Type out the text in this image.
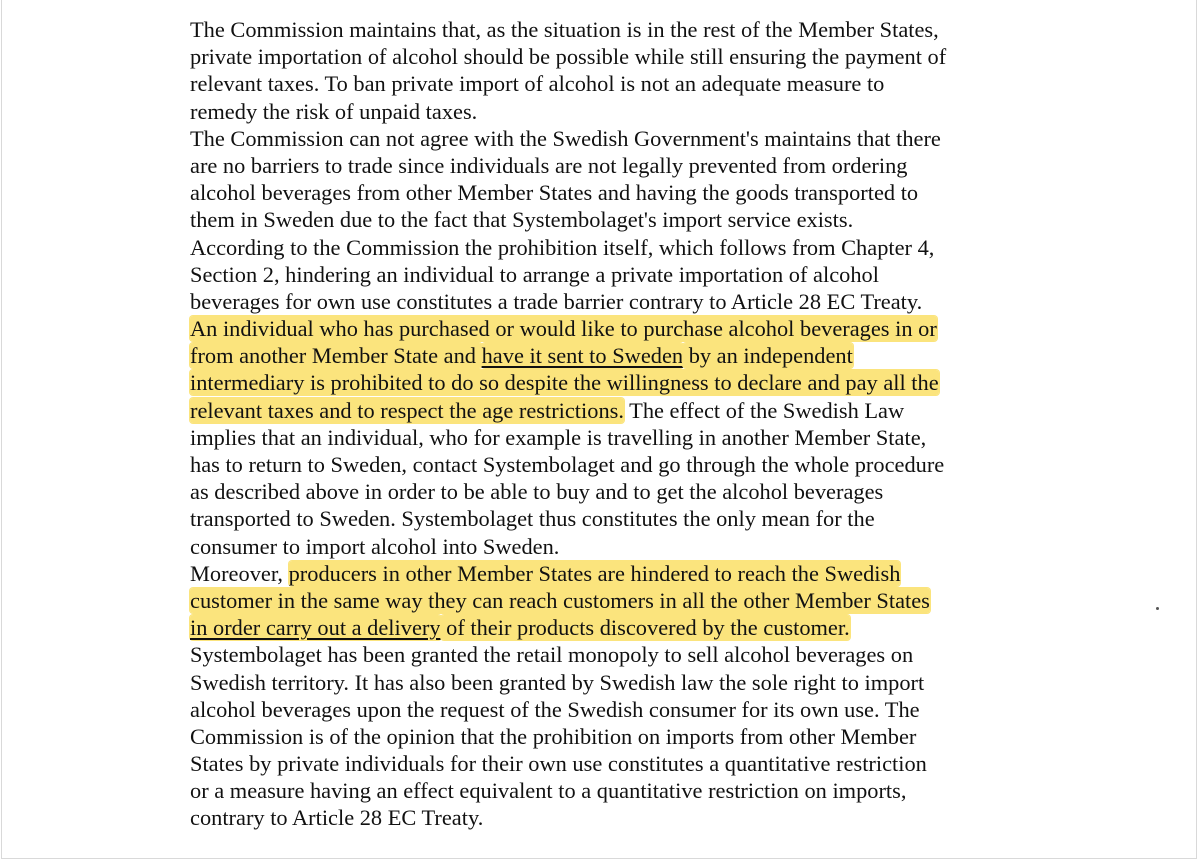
The Commission maintains that, as the situation is in the rest of the Member States,
private importation of alcohol should be possible while still ensuring the payment of
relevant taxes. To ban private import of alcohol is not an adequate measure to
remedy the risk of unpaid taxes.
The Commission can not agree with the Swedish Government's maintains that there
are no barriers to trade since individuals are not legally prevented from ordering
alcohol beverages from other Member States and having the goods transported to
them in Sweden due to the fact that Systembolaget's import service exists.
According to the Commission the prohibition itself, which follows from Chapter 4,
Section 2, hindering an individual to arrange a private importation of alcohol
beverages for own use constitutes a trade barrier contrary to Article 28 EC Treaty.
An individual who has purchased or would like to purchase alcohol beverages in or
from another Member State and have it sent to Sweden by an independent
intermediary is prohibited to do so despite the willingness to declare and pay all the
relevant taxes and to respect the age restrictions. The effect of the Swedish Law
implies that an individual, who for example is travelling in another Member State,
has to return to Sweden, contact Systembolaget and go through the whole procedure
as described above in order to be able to buy and to get the alcohol beverages
transported to Sweden. Systembolaget thus constitutes the only mean for the
consumer to import alcohol into Sweden.
Moreover, producers in other Member States are hindered to reach the Swedish
customer in the same way they can reach customers in all the other Member States
in order carry out a delivery of their products discovered by the customer.
Systembolaget has been granted the retail monopoly to sell alcohol beverages on
Swedish territory. It has also been granted by Swedish law the sole right to import
alcohol beverages upon the request of the Swedish consumer for its own use. The
Commission is of the opinion that the prohibition on imports from other Member
States by private individuals for their own use constitutes a quantitative restriction
or a measure having an effect equivalent to a quantitative restriction on imports,
contrary to Article 28 EC Treaty.
